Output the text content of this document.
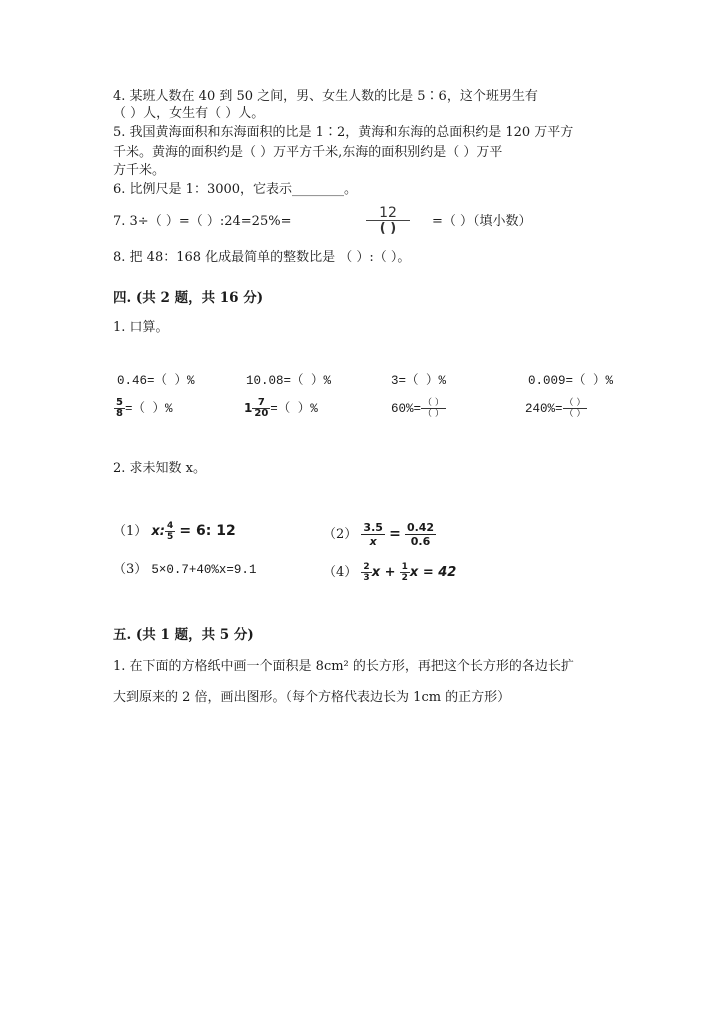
4. 某班人数在 40 到 50 之间，男、女生人数的比是 5∶6，这个班男生有
（ ）人，女生有（ ）人。
5. 我国黄海面积和东海面积的比是 1∶2，黄海和东海的总面积约是 120 万平方
千米。黄海的面积约是（ ）万平方千米,东海的面积别约是（ ）万平
方千米。
6. 比例尺是 1：3000，它表示________。
7. 3÷（ ）=（ ）:24=25%=
12
( )	=（ ）（填小数）
8. 把 48：168 化成最简单的整数比是 （ ）:（ ）。
四. (共 2 题，共 16 分)
1. 口算。
0.46=（ ）%	10.08=（ ）%	3=（ ）%	0.009=（ ）%
$\frac{5}{8}$ =（ ）%	$1 \frac{7}{20}$ =（ ）%	$60\%= \frac{( )}{( )}$	$240\%= \frac{( )}{( )}$
2. 求未知数 x。
（1） x: $\frac{4}{5} = 6$: 12	$(2) \frac{3.5}{x} = \frac{0.42}{0.6}$
（3） 5×0.7+40%x=9.1	$(4) \frac{2}{3}$ $x + \frac{1}{2}$ x = 42
五. (共 1 题，共 5 分)
1. 在下面的方格纸中画一个面积是 8cm² 的长方形，再把这个长方形的各边长扩
大到原来的 2 倍，画出图形。（每个方格代表边长为 1cm 的正方形）
